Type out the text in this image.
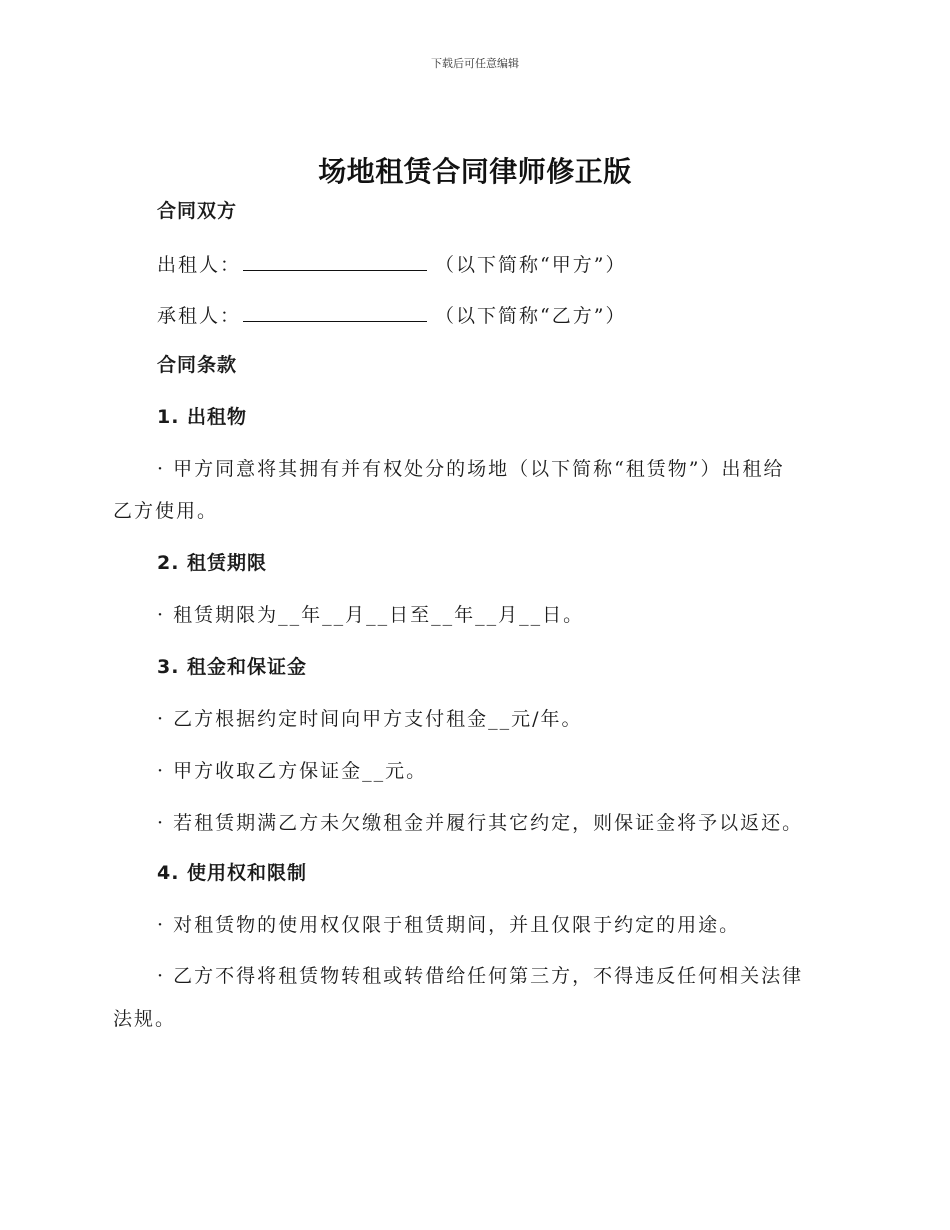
下载后可任意编辑
场地租赁合同律师修正版
合同双方
出租人：	（以下简称“甲方”）
承租人：	（以下简称“乙方”）
合同条款
1. 出租物
· 甲方同意将其拥有并有权处分的场地（以下简称“租赁物”）出租给
乙方使用。
2. 租赁期限
· 租赁期限为__年__月__日至__年__月__日。
3. 租金和保证金
· 乙方根据约定时间向甲方支付租金__元/年。
· 甲方收取乙方保证金__元。
· 若租赁期满乙方未欠缴租金并履行其它约定，则保证金将予以返还。
4. 使用权和限制
· 对租赁物的使用权仅限于租赁期间，并且仅限于约定的用途。
· 乙方不得将租赁物转租或转借给任何第三方，不得违反任何相关法律
法规。
